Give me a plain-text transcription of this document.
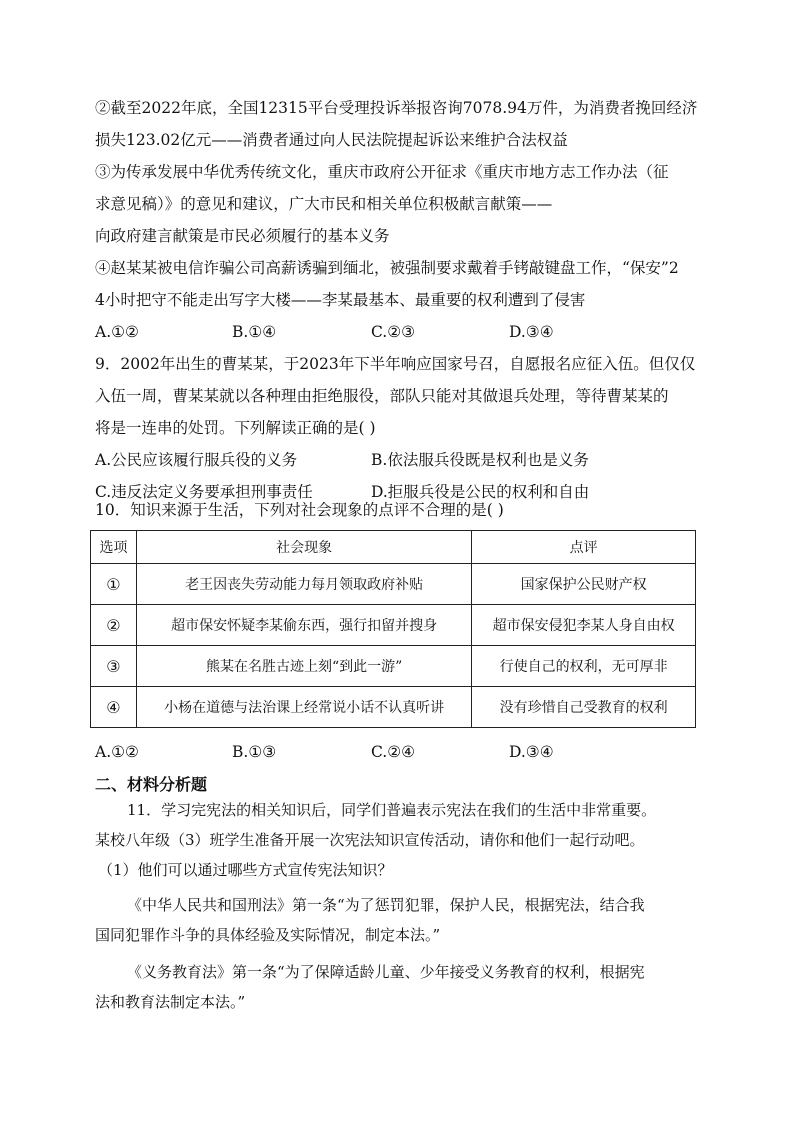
②截至2022年底，全国12315平台受理投诉举报咨询7078.94万件，为消费者挽回经济
损失123.02亿元——消费者通过向人民法院提起诉讼来维护合法权益
③为传承发展中华优秀传统文化，重庆市政府公开征求《重庆市地方志工作办法（征
求意见稿）》的意见和建议，广大市民和相关单位积极献言献策——
向政府建言献策是市民必须履行的基本义务
④赵某某被电信诈骗公司高薪诱骗到缅北，被强制要求戴着手铐敲键盘工作，“保安”2
4小时把守不能走出写字大楼——李某最基本、最重要的权利遭到了侵害
A.①②	B.①④	C.②③	D.③④
9．2002年出生的曹某某，于2023年下半年响应国家号召，自愿报名应征入伍。但仅仅
入伍一周，曹某某就以各种理由拒绝服役，部队只能对其做退兵处理，等待曹某某的
将是一连串的处罚。下列解读正确的是( )
A.公民应该履行服兵役的义务	B.依法服兵役既是权利也是义务
C.违反法定义务要承担刑事责任	D.拒服兵役是公民的权利和自由
10．知识来源于生活，下列对社会现象的点评不合理的是( )
选项	社会现象	点评
①	老王因丧失劳动能力每月领取政府补贴	国家保护公民财产权
②	超市保安怀疑李某偷东西，强行扣留并搜身	超市保安侵犯李某人身自由权
③	熊某在名胜古迹上刻“到此一游”	行使自己的权利，无可厚非
④	小杨在道德与法治课上经常说小话不认真听讲	没有珍惜自己受教育的权利
A.①②	B.①③	C.②④	D.③④
二、材料分析题
11．学习完宪法的相关知识后，同学们普遍表示宪法在我们的生活中非常重要。
某校八年级（3）班学生准备开展一次宪法知识宣传活动，请你和他们一起行动吧。
（1）他们可以通过哪些方式宣传宪法知识？
《中华人民共和国刑法》第一条“为了惩罚犯罪，保护人民，根据宪法，结合我
国同犯罪作斗争的具体经验及实际情况，制定本法。”
《义务教育法》第一条“为了保障适龄儿童、少年接受义务教育的权利，根据宪
法和教育法制定本法。”
